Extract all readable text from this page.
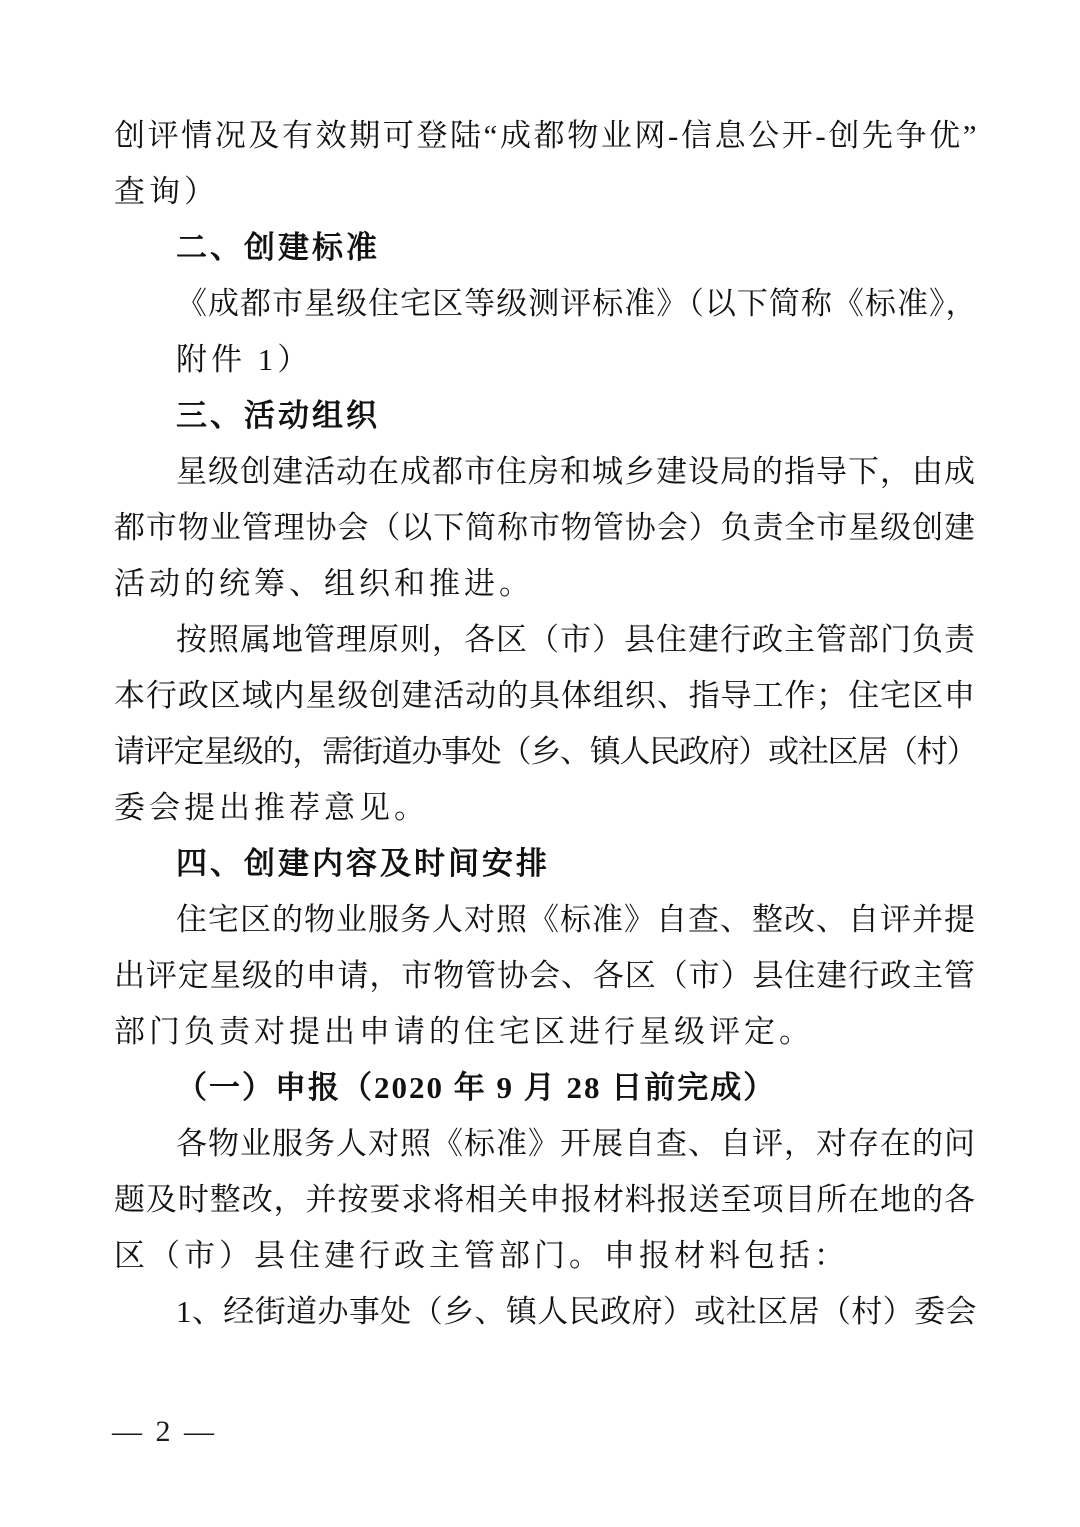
创评情况及有效期可登陆“成都物业网-信息公开-创先争优”
查询）
二、创建标准
《成都市星级住宅区等级测评标准》（以下简称《标准》，
附件 1）
三、活动组织
星级创建活动在成都市住房和城乡建设局的指导下，由成
都市物业管理协会（以下简称市物管协会）负责全市星级创建
活动的统筹、组织和推进。
按照属地管理原则，各区（市）县住建行政主管部门负责
本行政区域内星级创建活动的具体组织、指导工作；住宅区申
请评定星级的，需街道办事处（乡、镇人民政府）或社区居（村）
委会提出推荐意见。
四、创建内容及时间安排
住宅区的物业服务人对照《标准》自查、整改、自评并提
出评定星级的申请，市物管协会、各区（市）县住建行政主管
部门负责对提出申请的住宅区进行星级评定。
（一）申报（2020 年 9 月 28 日前完成）
各物业服务人对照《标准》开展自查、自评，对存在的问
题及时整改，并按要求将相关申报材料报送至项目所在地的各
区（市）县住建行政主管部门。申报材料包括：
1、经街道办事处（乡、镇人民政府）或社区居（村）委会
— 2 —
